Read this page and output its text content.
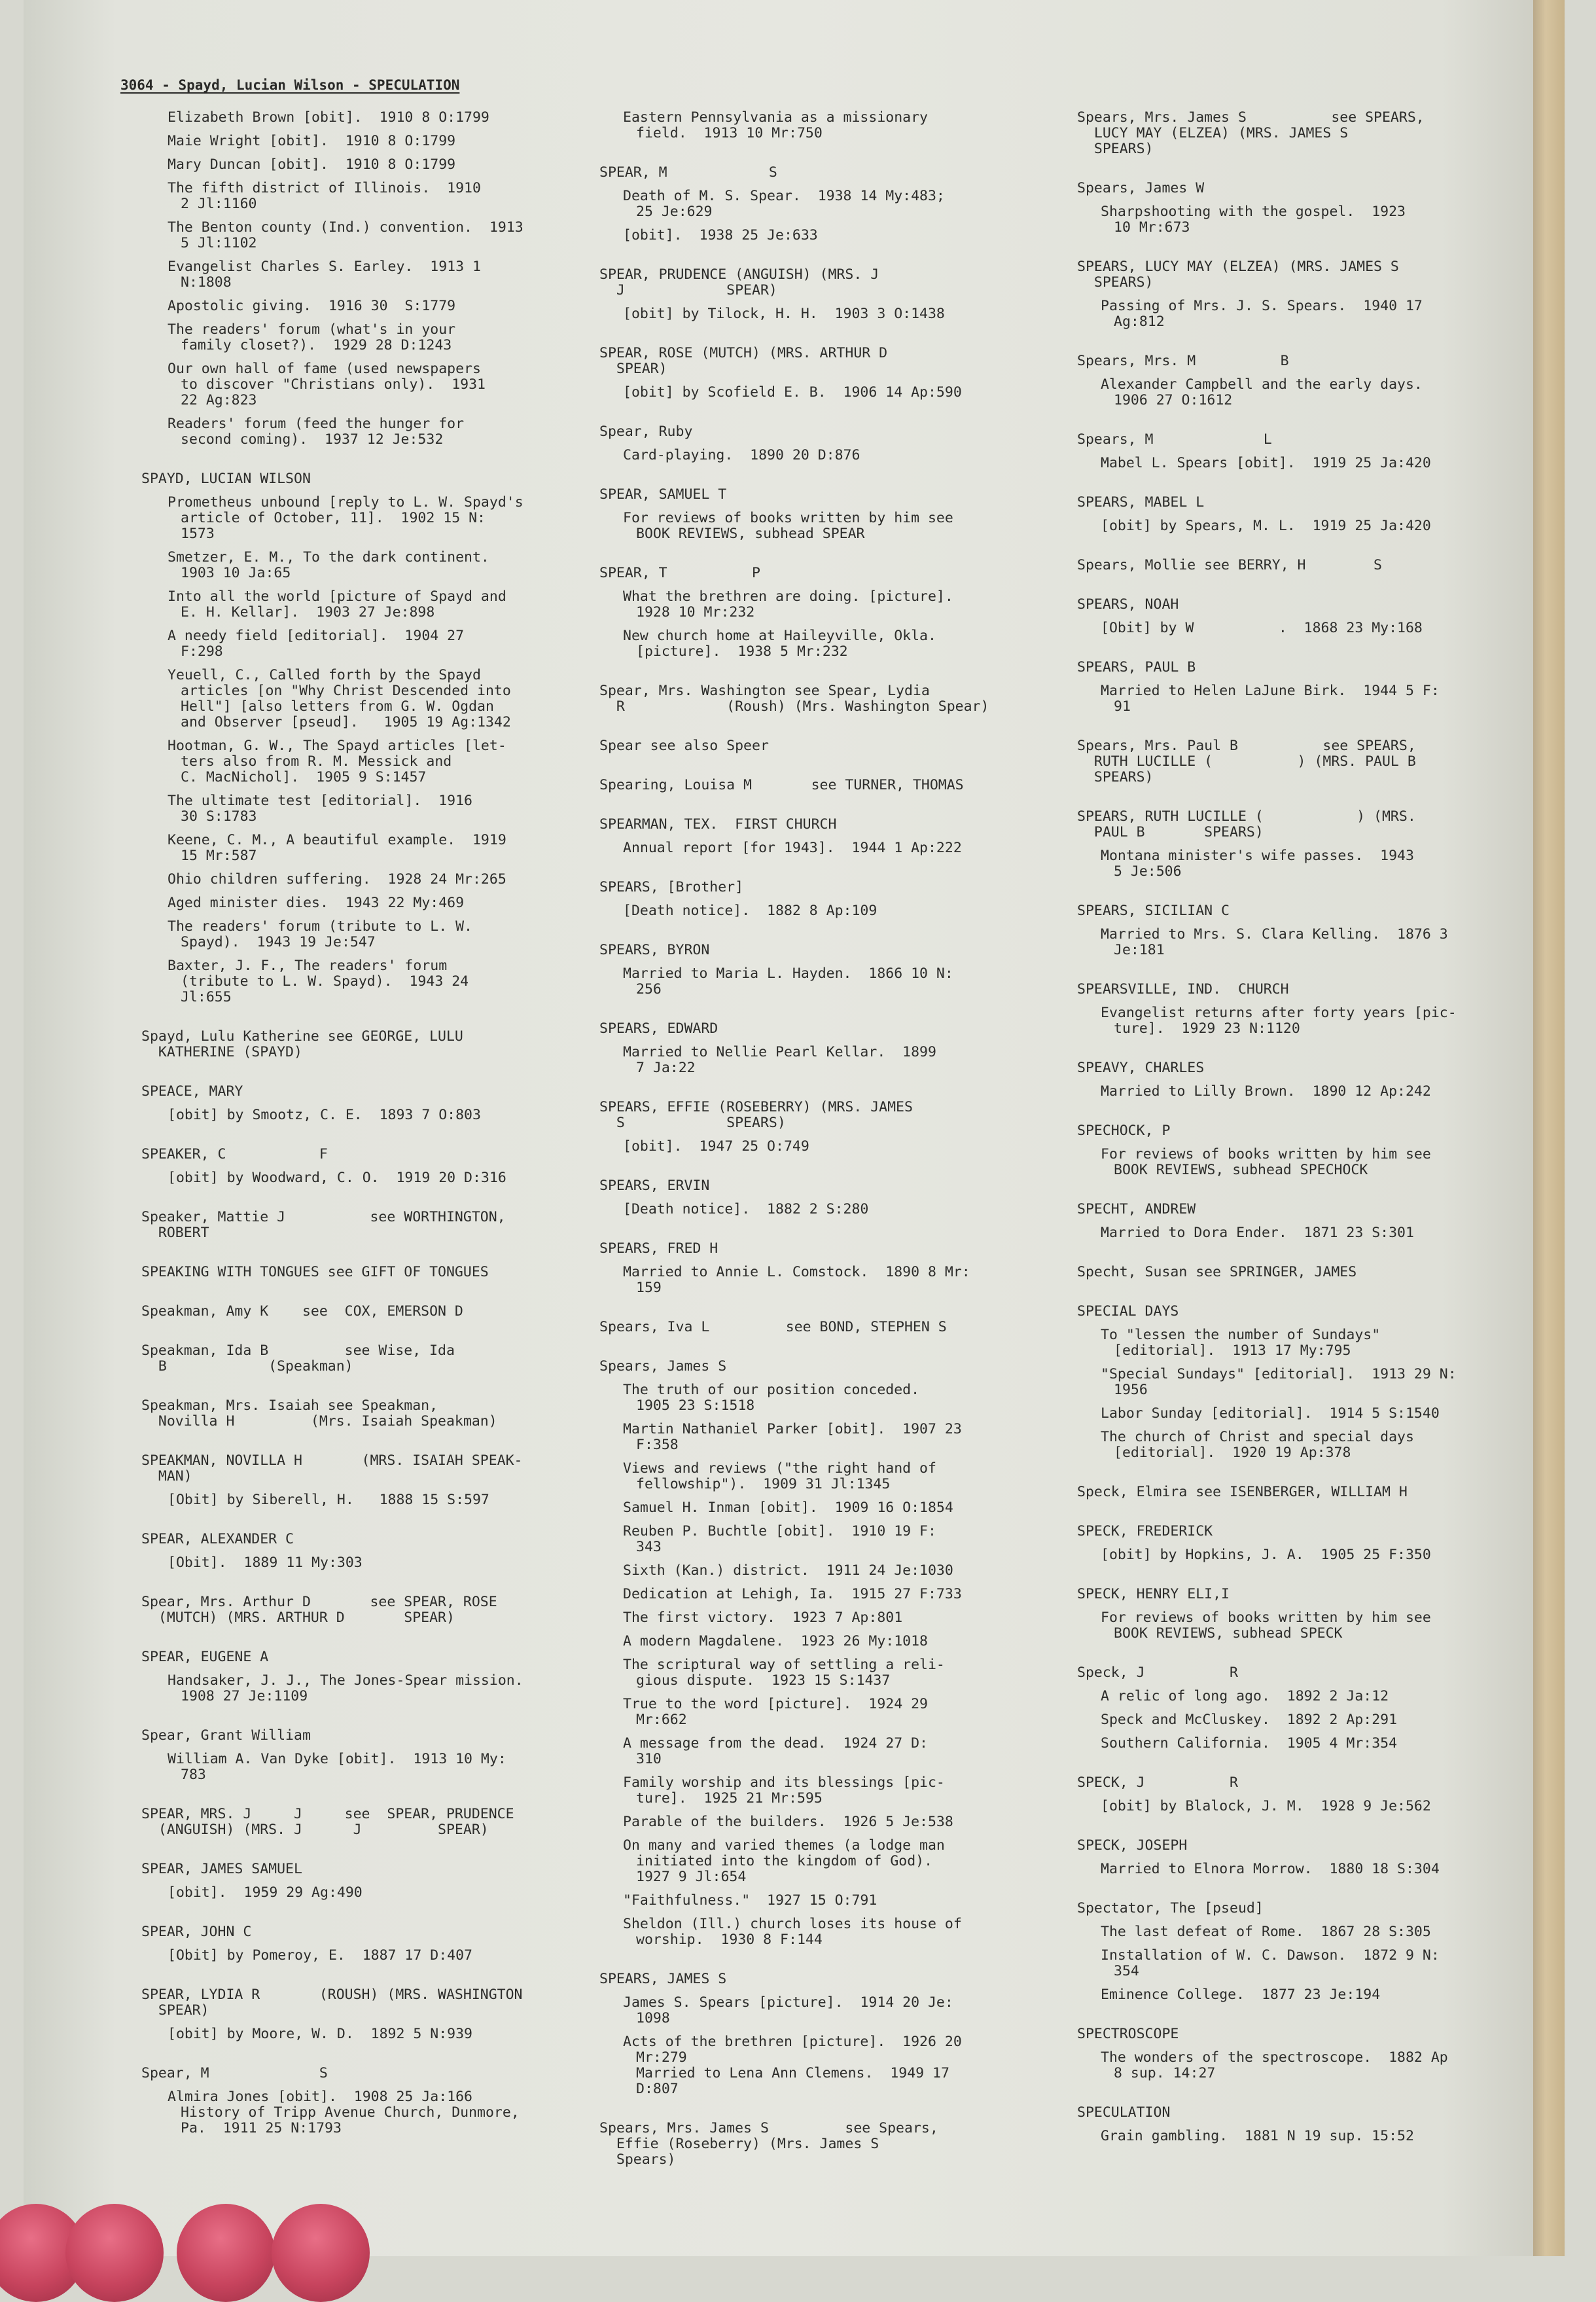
3064 - Spayd, Lucian Wilson - SPECULATION
Elizabeth Brown [obit].  1910 8 O:1799
Maie Wright [obit].  1910 8 O:1799
Mary Duncan [obit].  1910 8 O:1799
The fifth district of Illinois.  1910
2 Jl:1160
The Benton county (Ind.) convention.  1913
5 Jl:1102
Evangelist Charles S. Earley.  1913 1
N:1808
Apostolic giving.  1916 30  S:1779
The readers' forum (what's in your
family closet?).  1929 28 D:1243
Our own hall of fame (used newspapers
to discover "Christians only).  1931
22 Ag:823
Readers' forum (feed the hunger for
second coming).  1937 12 Je:532
SPAYD, LUCIAN WILSON
Prometheus unbound [reply to L. W. Spayd's
article of October, 11].  1902 15 N:
1573
Smetzer, E. M., To the dark continent.
1903 10 Ja:65
Into all the world [picture of Spayd and
E. H. Kellar].  1903 27 Je:898
A needy field [editorial].  1904 27
F:298
Yeuell, C., Called forth by the Spayd
articles [on "Why Christ Descended into
Hell"] [also letters from G. W. Ogdan
and Observer [pseud].   1905 19 Ag:1342
Hootman, G. W., The Spayd articles [let-
ters also from R. M. Messick and
C. MacNichol].  1905 9 S:1457
The ultimate test [editorial].  1916
30 S:1783
Keene, C. M., A beautiful example.  1919
15 Mr:587
Ohio children suffering.  1928 24 Mr:265
Aged minister dies.  1943 22 My:469
The readers' forum (tribute to L. W.
Spayd).  1943 19 Je:547
Baxter, J. F., The readers' forum
(tribute to L. W. Spayd).  1943 24
Jl:655
Spayd, Lulu Katherine see GEORGE, LULU
KATHERINE (SPAYD)
SPEACE, MARY
[obit] by Smootz, C. E.  1893 7 O:803
SPEAKER, C           F
[obit] by Woodward, C. O.  1919 20 D:316
Speaker, Mattie J          see WORTHINGTON,
ROBERT
SPEAKING WITH TONGUES see GIFT OF TONGUES
Speakman, Amy K    see  COX, EMERSON D
Speakman, Ida B         see Wise, Ida
B            (Speakman)
Speakman, Mrs. Isaiah see Speakman,
Novilla H         (Mrs. Isaiah Speakman)
SPEAKMAN, NOVILLA H       (MRS. ISAIAH SPEAK-
MAN)
[Obit] by Siberell, H.   1888 15 S:597
SPEAR, ALEXANDER C
[Obit].  1889 11 My:303
Spear, Mrs. Arthur D       see SPEAR, ROSE
(MUTCH) (MRS. ARTHUR D       SPEAR)
SPEAR, EUGENE A
Handsaker, J. J., The Jones-Spear mission.
1908 27 Je:1109
Spear, Grant William
William A. Van Dyke [obit].  1913 10 My:
783
SPEAR, MRS. J     J     see  SPEAR, PRUDENCE
(ANGUISH) (MRS. J      J         SPEAR)
SPEAR, JAMES SAMUEL
[obit].  1959 29 Ag:490
SPEAR, JOHN C
[Obit] by Pomeroy, E.  1887 17 D:407
SPEAR, LYDIA R       (ROUSH) (MRS. WASHINGTON
SPEAR)
[obit] by Moore, W. D.  1892 5 N:939
Spear, M             S
Almira Jones [obit].  1908 25 Ja:166
History of Tripp Avenue Church, Dunmore,
Pa.  1911 25 N:1793
Eastern Pennsylvania as a missionary
field.  1913 10 Mr:750
SPEAR, M            S
Death of M. S. Spear.  1938 14 My:483;
25 Je:629
[obit].  1938 25 Je:633
SPEAR, PRUDENCE (ANGUISH) (MRS. J
J            SPEAR)
[obit] by Tilock, H. H.  1903 3 O:1438
SPEAR, ROSE (MUTCH) (MRS. ARTHUR D
SPEAR)
[obit] by Scofield E. B.  1906 14 Ap:590
Spear, Ruby
Card-playing.  1890 20 D:876
SPEAR, SAMUEL T
For reviews of books written by him see
BOOK REVIEWS, subhead SPEAR
SPEAR, T          P
What the brethren are doing. [picture].
1928 10 Mr:232
New church home at Haileyville, Okla.
[picture].  1938 5 Mr:232
Spear, Mrs. Washington see Spear, Lydia
R            (Roush) (Mrs. Washington Spear)
Spear see also Speer
Spearing, Louisa M       see TURNER, THOMAS
SPEARMAN, TEX.  FIRST CHURCH
Annual report [for 1943].  1944 1 Ap:222
SPEARS, [Brother]
[Death notice].  1882 8 Ap:109
SPEARS, BYRON
Married to Maria L. Hayden.  1866 10 N:
256
SPEARS, EDWARD
Married to Nellie Pearl Kellar.  1899
7 Ja:22
SPEARS, EFFIE (ROSEBERRY) (MRS. JAMES
S            SPEARS)
[obit].  1947 25 O:749
SPEARS, ERVIN
[Death notice].  1882 2 S:280
SPEARS, FRED H
Married to Annie L. Comstock.  1890 8 Mr:
159
Spears, Iva L         see BOND, STEPHEN S
Spears, James S
The truth of our position conceded.
1905 23 S:1518
Martin Nathaniel Parker [obit].  1907 23
F:358
Views and reviews ("the right hand of
fellowship").  1909 31 Jl:1345
Samuel H. Inman [obit].  1909 16 O:1854
Reuben P. Buchtle [obit].  1910 19 F:
343
Sixth (Kan.) district.  1911 24 Je:1030
Dedication at Lehigh, Ia.  1915 27 F:733
The first victory.  1923 7 Ap:801
A modern Magdalene.  1923 26 My:1018
The scriptural way of settling a reli-
gious dispute.  1923 15 S:1437
True to the word [picture].  1924 29
Mr:662
A message from the dead.  1924 27 D:
310
Family worship and its blessings [pic-
ture].  1925 21 Mr:595
Parable of the builders.  1926 5 Je:538
On many and varied themes (a lodge man
initiated into the kingdom of God).
1927 9 Jl:654
"Faithfulness."  1927 15 O:791
Sheldon (Ill.) church loses its house of
worship.  1930 8 F:144
SPEARS, JAMES S
James S. Spears [picture].  1914 20 Je:
1098
Acts of the brethren [picture].  1926 20
Mr:279
Married to Lena Ann Clemens.  1949 17
D:807
Spears, Mrs. James S         see Spears,
Effie (Roseberry) (Mrs. James S
Spears)
Spears, Mrs. James S          see SPEARS,
LUCY MAY (ELZEA) (MRS. JAMES S
SPEARS)
Spears, James W
Sharpshooting with the gospel.  1923
10 Mr:673
SPEARS, LUCY MAY (ELZEA) (MRS. JAMES S
SPEARS)
Passing of Mrs. J. S. Spears.  1940 17
Ag:812
Spears, Mrs. M          B
Alexander Campbell and the early days.
1906 27 O:1612
Spears, M             L
Mabel L. Spears [obit].  1919 25 Ja:420
SPEARS, MABEL L
[obit] by Spears, M. L.  1919 25 Ja:420
Spears, Mollie see BERRY, H        S
SPEARS, NOAH
[Obit] by W          .  1868 23 My:168
SPEARS, PAUL B
Married to Helen LaJune Birk.  1944 5 F:
91
Spears, Mrs. Paul B          see SPEARS,
RUTH LUCILLE (          ) (MRS. PAUL B
SPEARS)
SPEARS, RUTH LUCILLE (           ) (MRS.
PAUL B       SPEARS)
Montana minister's wife passes.  1943
5 Je:506
SPEARS, SICILIAN C
Married to Mrs. S. Clara Kelling.  1876 3
Je:181
SPEARSVILLE, IND.  CHURCH
Evangelist returns after forty years [pic-
ture].  1929 23 N:1120
SPEAVY, CHARLES
Married to Lilly Brown.  1890 12 Ap:242
SPECHOCK, P
For reviews of books written by him see
BOOK REVIEWS, subhead SPECHOCK
SPECHT, ANDREW
Married to Dora Ender.  1871 23 S:301
Specht, Susan see SPRINGER, JAMES
SPECIAL DAYS
To "lessen the number of Sundays"
[editorial].  1913 17 My:795
"Special Sundays" [editorial].  1913 29 N:
1956
Labor Sunday [editorial].  1914 5 S:1540
The church of Christ and special days
[editorial].  1920 19 Ap:378
Speck, Elmira see ISENBERGER, WILLIAM H
SPECK, FREDERICK
[obit] by Hopkins, J. A.  1905 25 F:350
SPECK, HENRY ELI,I
For reviews of books written by him see
BOOK REVIEWS, subhead SPECK
Speck, J          R
A relic of long ago.  1892 2 Ja:12
Speck and McCluskey.  1892 2 Ap:291
Southern California.  1905 4 Mr:354
SPECK, J          R
[obit] by Blalock, J. M.  1928 9 Je:562
SPECK, JOSEPH
Married to Elnora Morrow.  1880 18 S:304
Spectator, The [pseud]
The last defeat of Rome.  1867 28 S:305
Installation of W. C. Dawson.  1872 9 N:
354
Eminence College.  1877 23 Je:194
SPECTROSCOPE
The wonders of the spectroscope.  1882 Ap
8 sup. 14:27
SPECULATION
Grain gambling.  1881 N 19 sup. 15:52
